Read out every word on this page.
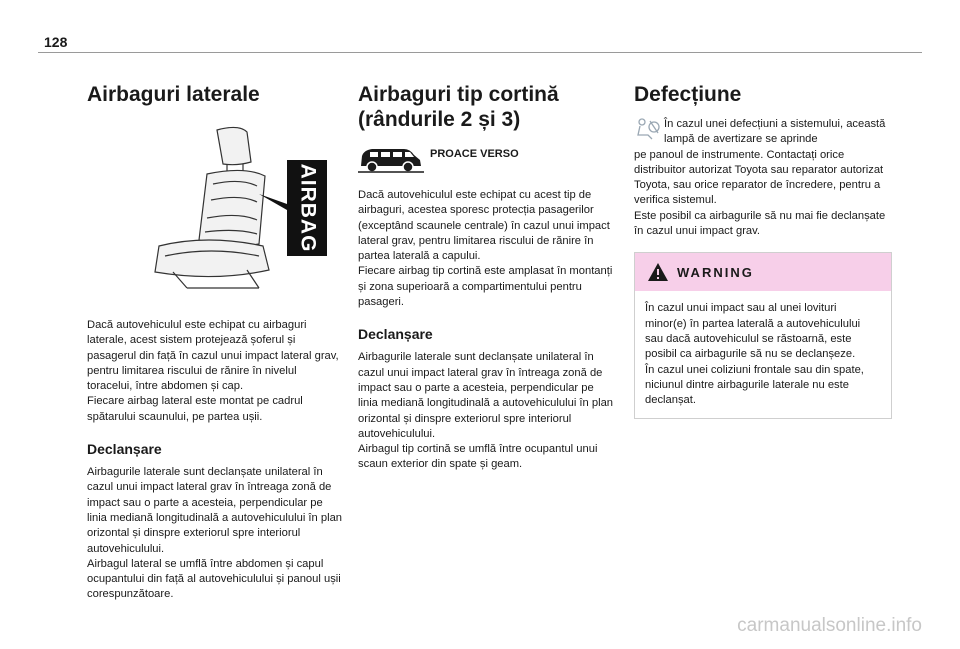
128
Airbaguri laterale
AIRBAG

Dacă autovehiculul este echipat cu airbaguri laterale, acest sistem protejează șoferul și pasagerul din față în cazul unui impact lateral grav, pentru limitarea riscului de rănire în nivelul toracelui, între abdomen și cap.

Fiecare airbag lateral este montat pe cadrul spătarului scaunului, pe partea ușii.

Declanșare

Airbagurile laterale sunt declanșate unilateral în cazul unui impact lateral grav în întreaga zonă de impact sau o parte a acesteia, perpendicular pe linia mediană longitudinală a autovehiculului în plan orizontal și dinspre exteriorul spre interiorul autovehiculului.

Airbagul lateral se umflă între abdomen și capul ocupantului din față al autovehiculului și panoul ușii corespunzătoare.

Airbaguri tip cortină
(rândurile 2 și 3)
PROACE VERSO

Dacă autovehiculul este echipat cu acest tip de airbaguri, acestea sporesc protecția pasagerilor (exceptând scaunele centrale) în cazul unui impact lateral grav, pentru limitarea riscului de rănire în partea laterală a capului.

Fiecare airbag tip cortină este amplasat în montanți și zona superioară a compartimentului pentru pasageri.

Declanșare

Airbagurile laterale sunt declanșate unilateral în cazul unui impact lateral grav în întreaga zonă de impact sau o parte a acesteia, perpendicular pe linia mediană longitudinală a autovehiculului în plan orizontal și dinspre exteriorul spre interiorul autovehiculului.

Airbagul tip cortină se umflă între ocupantul unui scaun exterior din spate și geam.

Defecțiune

În cazul unei defecțiuni a sistemului, această lampă de avertizare se aprinde

pe panoul de instrumente. Contactați orice distribuitor autorizat Toyota sau reparator autorizat Toyota, sau orice reparator de încredere, pentru a verifica sistemul.

Este posibil ca airbagurile să nu mai fie declanșate în cazul unui impact grav.

WARNING

În cazul unui impact sau al unei lovituri minor(e) în partea laterală a autovehiculului sau dacă autovehiculul se răstoarnă, este posibil ca airbagurile să nu se declanșeze.

În cazul unei coliziuni frontale sau din spate, niciunul dintre airbagurile laterale nu este declanșat.

carmanualsonline.info
